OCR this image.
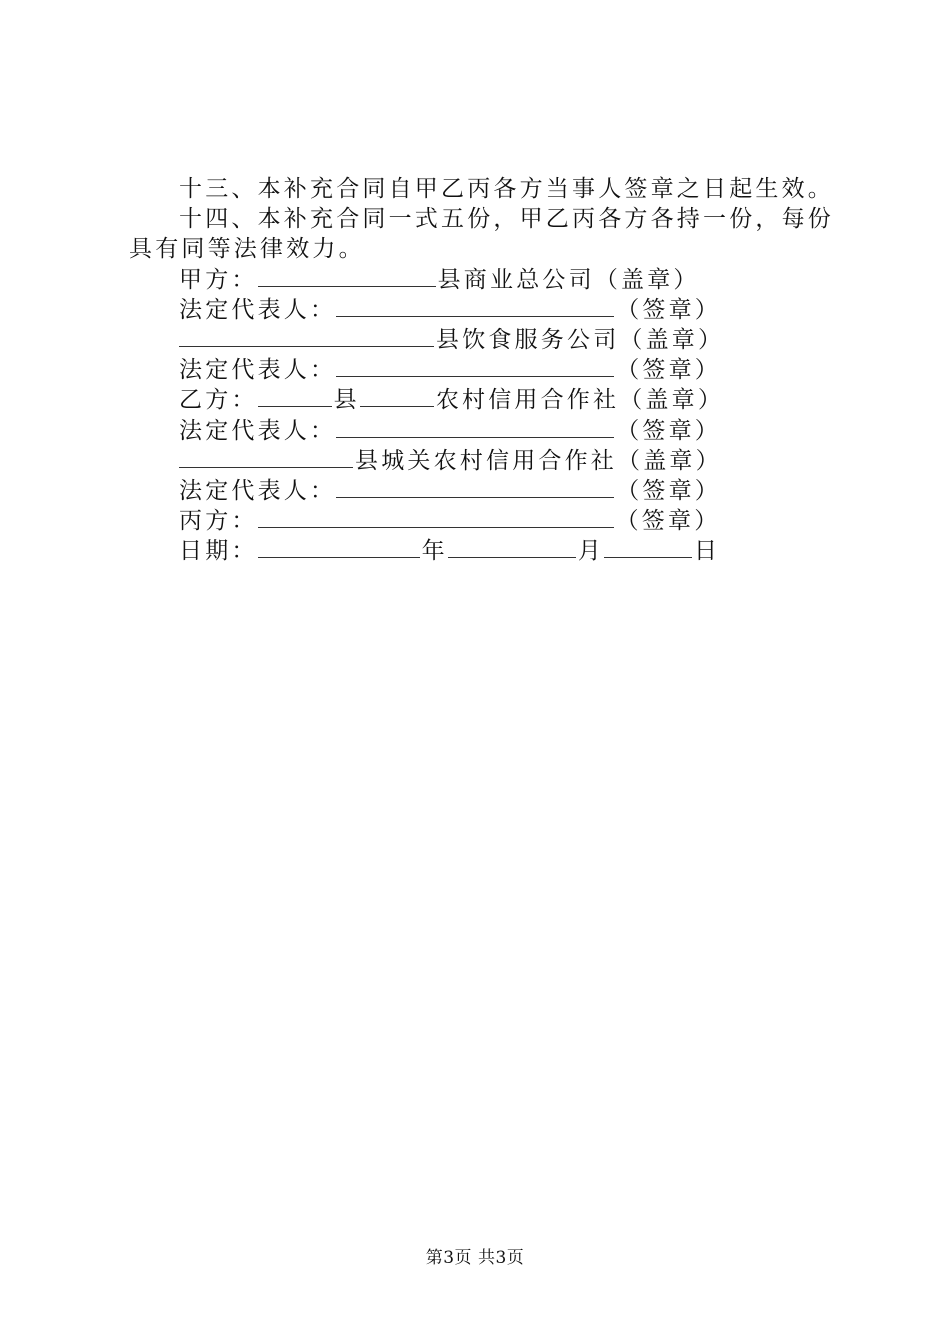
十三、本补充合同自甲乙丙各方当事人签章之日起生效。
十四、本补充合同一式五份，甲乙丙各方各持一份，每份
具有同等法律效力。
甲方：	县商业总公司（盖章）
法定代表人：	（签章）
县饮食服务公司（盖章）
法定代表人：	（签章）
乙方：	县	农村信用合作社（盖章）
法定代表人：	（签章）
县城关农村信用合作社（盖章）
法定代表人：	（签章）
丙方：	（签章）
日期：	年	月	日
第3页 共3页
